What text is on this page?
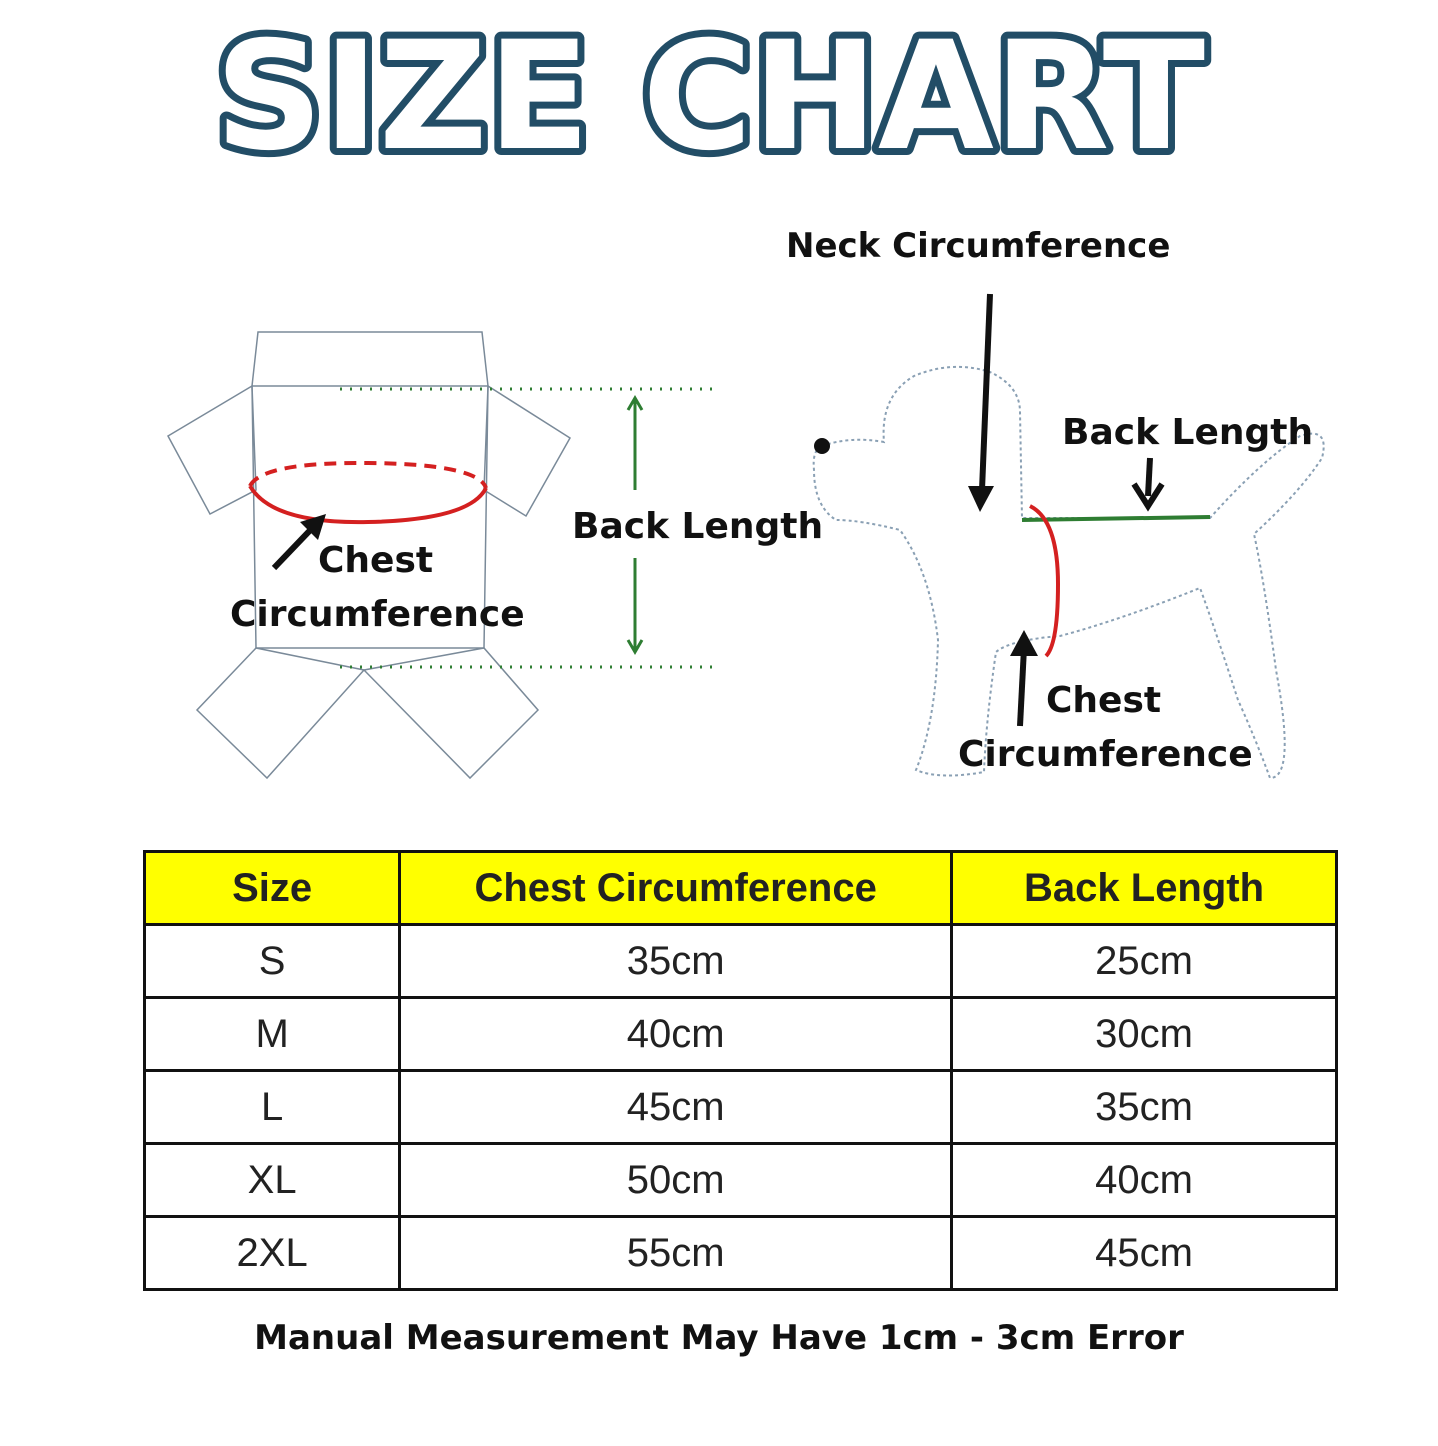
SIZE CHART
Back Length
Chest
Circumference
Neck Circumference
Back Length
Chest
Circumference
Size	Chest Circumference	Back Length
S	35cm	25cm
M	40cm	30cm
L	45cm	35cm
XL	50cm	40cm
2XL	55cm	45cm
Manual Measurement May Have 1cm - 3cm Error
